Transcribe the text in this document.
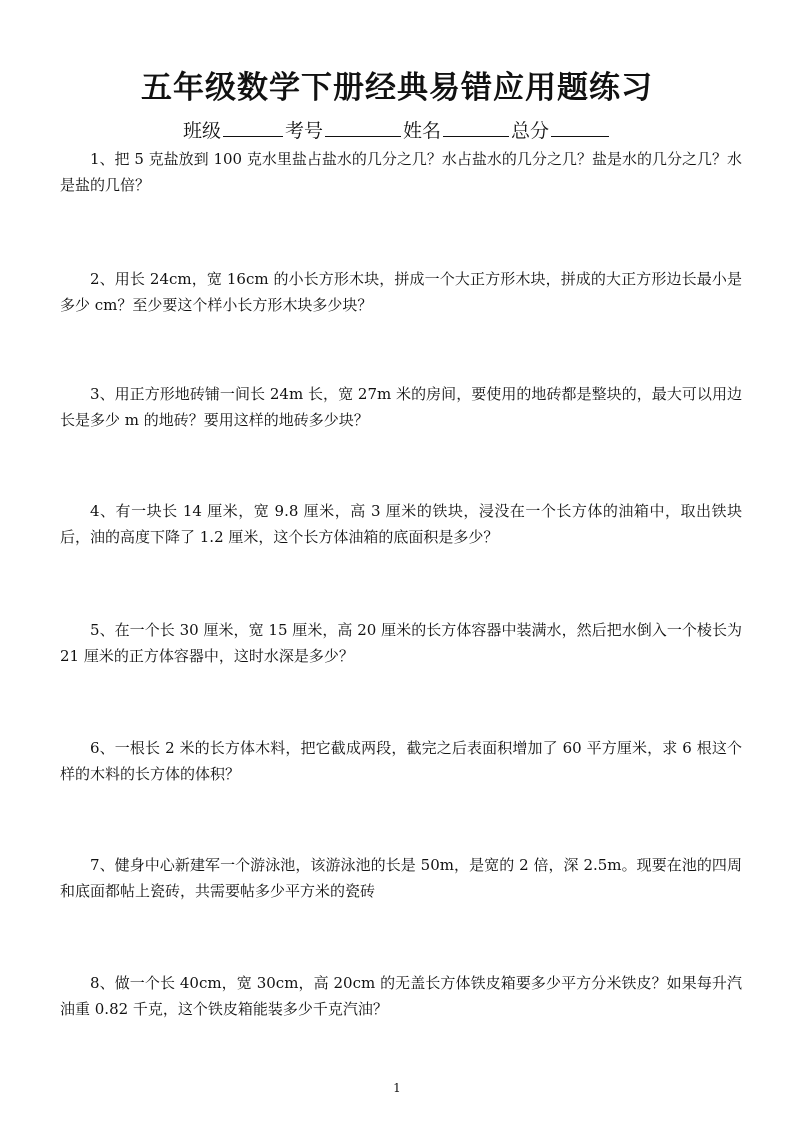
五年级数学下册经典易错应用题练习
班级	考号	姓名	总分

1、把 5 克盐放到 100 克水里盐占盐水的几分之几？水占盐水的几分之几？盐是水的几分之几？水是盐的几倍？

2、用长 24cm，宽 16cm 的小长方形木块，拼成一个大正方形木块，拼成的大正方形边长最小是多少 cm？至少要这个样小长方形木块多少块？

3、用正方形地砖铺一间长 24m 长，宽 27m 米的房间，要使用的地砖都是整块的，最大可以用边长是多少 m 的地砖？要用这样的地砖多少块？

4、有一块长 14 厘米，宽 9.8 厘米，高 3 厘米的铁块，浸没在一个长方体的油箱中，取出铁块后，油的高度下降了 1.2 厘米，这个长方体油箱的底面积是多少？

5、在一个长 30 厘米，宽 15 厘米，高 20 厘米的长方体容器中装满水，然后把水倒入一个棱长为 21 厘米的正方体容器中，这时水深是多少？

6、一根长 2 米的长方体木料，把它截成两段，截完之后表面积增加了 60 平方厘米，求 6 根这个样的木料的长方体的体积？

7、健身中心新建军一个游泳池，该游泳池的长是 50m，是宽的 2 倍，深 2.5m。现要在池的四周和底面都帖上瓷砖，共需要帖多少平方米的瓷砖

8、做一个长 40cm，宽 30cm，高 20cm 的无盖长方体铁皮箱要多少平方分米铁皮？如果每升汽油重 0.82 千克，这个铁皮箱能装多少千克汽油？

1
